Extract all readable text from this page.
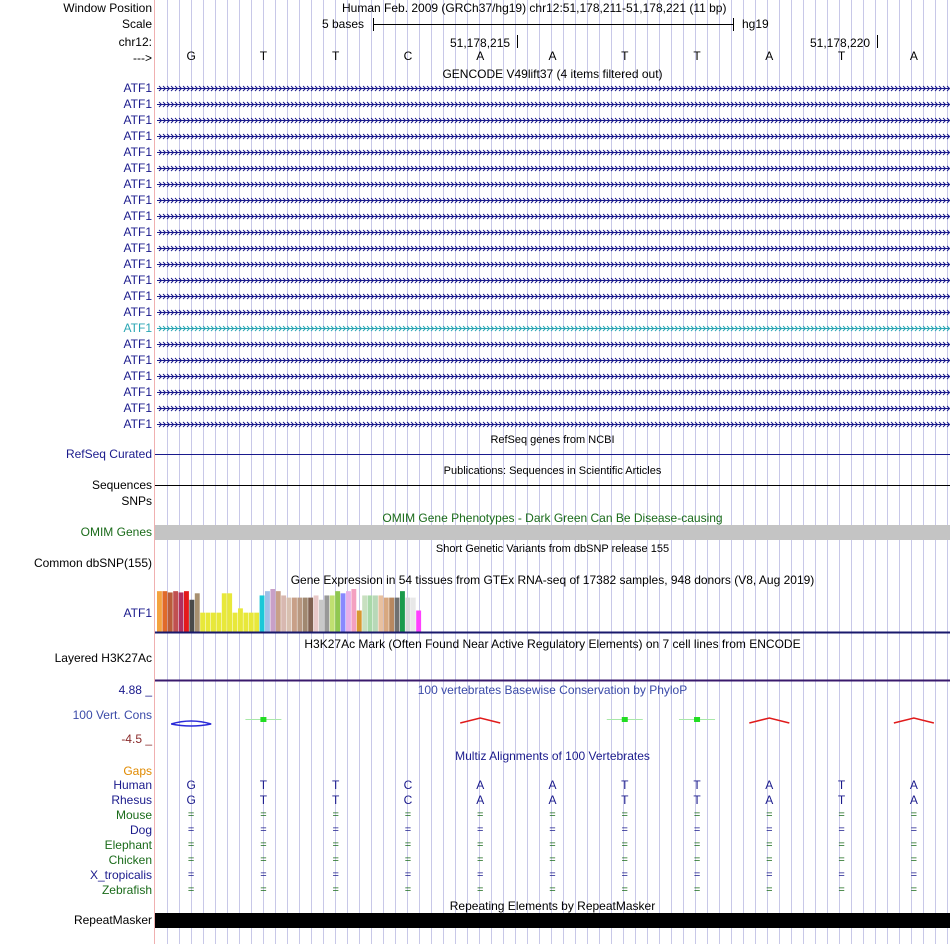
Window Position
Scale
chr12:
--->
Human Feb. 2009 (GRCh37/hg19) chr12:51,178,211-51,178,221 (11 bp)
5 bases	hg19
51,178,215	51,178,220
GENCODE V49lift37 (4 items filtered out)
RefSeq genes from NCBI
RefSeq Curated
Publications: Sequences in Scientific Articles
Sequences
SNPs
OMIM Gene Phenotypes - Dark Green Can Be Disease-causing
OMIM Genes
Short Genetic Variants from dbSNP release 155
Common dbSNP(155)
Gene Expression in 54 tissues from GTEx RNA-seq of 17382 samples, 948 donors (V8, Aug 2019)
ATF1
H3K27Ac Mark (Often Found Near Active Regulatory Elements) on 7 cell lines from ENCODE
Layered H3K27Ac
100 vertebrates Basewise Conservation by PhyloP
4.88 _
100 Vert. Cons
-4.5 _
Multiz Alignments of 100 Vertebrates
Gaps
Repeating Elements by RepeatMasker
RepeatMasker
G	T	T	C	A	A	T	T	A	T	A
ATF1
ATF1
ATF1
ATF1
ATF1
ATF1
ATF1
ATF1
ATF1
ATF1
ATF1
ATF1
ATF1
ATF1
ATF1
ATF1
ATF1
ATF1
ATF1
ATF1
ATF1
ATF1
Human	G	T	T	C	A	A	T	T	A	T	A
Rhesus	G	T	T	C	A	A	T	T	A	T	A
Mouse	=	=	=	=	=	=	=	=	=	=	=
Dog	=	=	=	=	=	=	=	=	=	=	=
Elephant	=	=	=	=	=	=	=	=	=	=	=
Chicken	=	=	=	=	=	=	=	=	=	=	=
X_tropicalis	=	=	=	=	=	=	=	=	=	=	=
Zebrafish	=	=	=	=	=	=	=	=	=	=	=
